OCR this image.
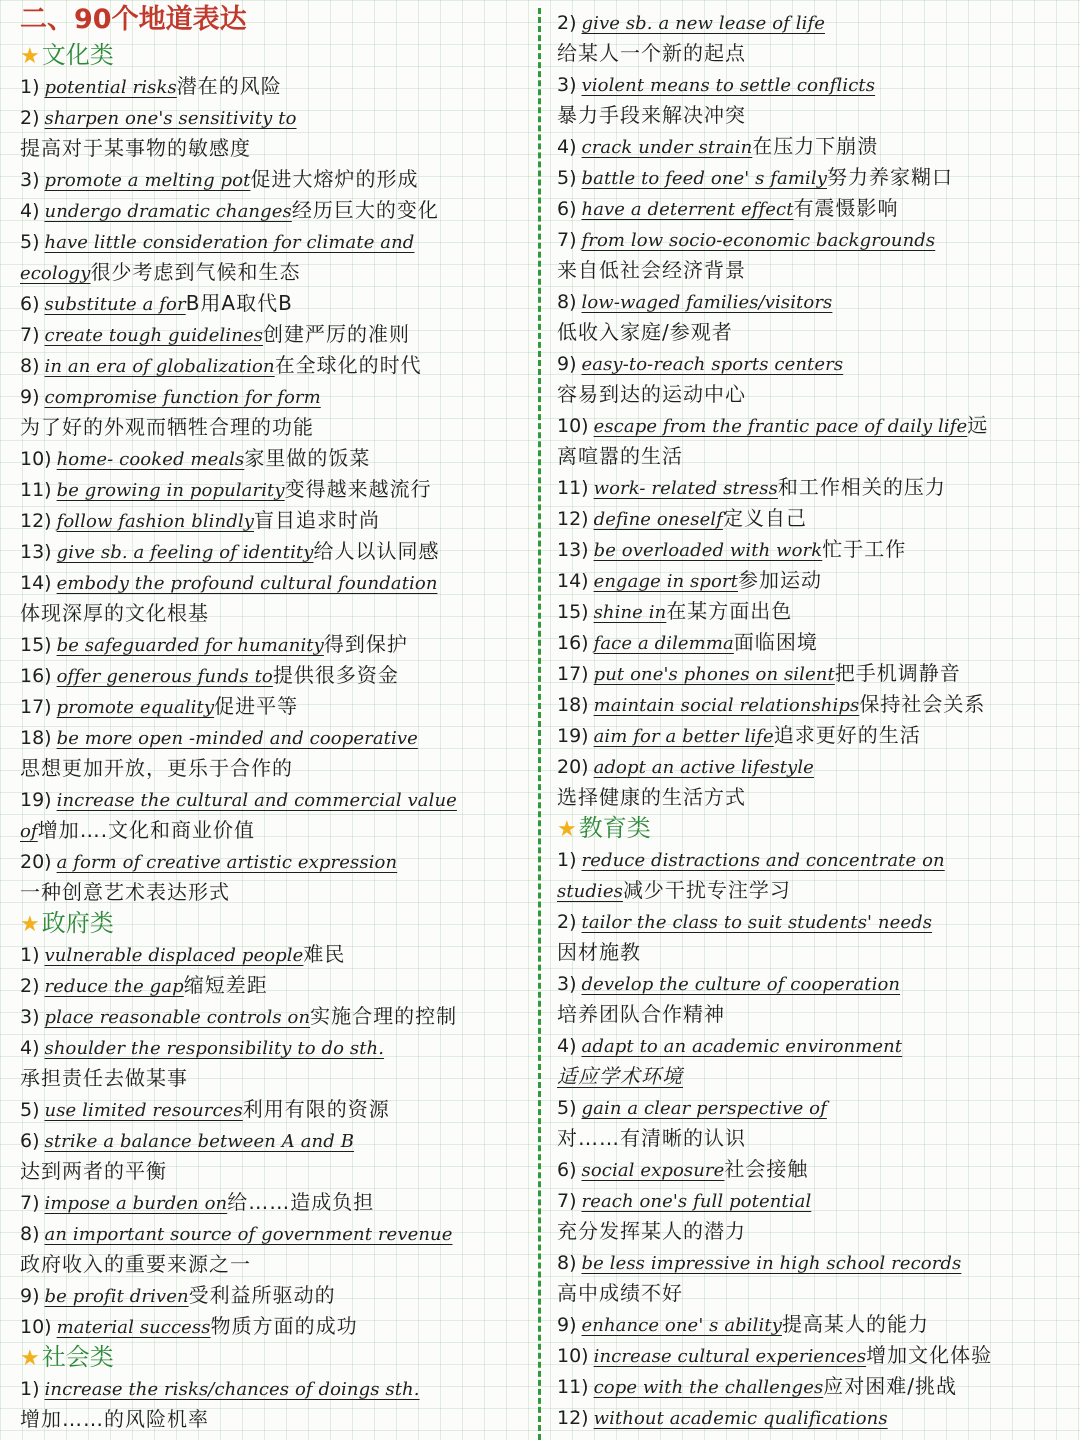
二、90个地道表达
★文化类
1) potential risks潜在的风险
2) sharpen one's sensitivity to
提高对于某事物的敏感度
3) promote a melting pot促进大熔炉的形成
4) undergo dramatic changes经历巨大的变化
5) have little consideration for climate and
ecology很少考虑到气候和生态
6) substitute a forB用A取代B
7) create tough guidelines创建严厉的准则
8) in an era of globalization在全球化的时代
9) compromise function for form
为了好的外观而牺牲合理的功能
10) home- cooked meals家里做的饭菜
11) be growing in popularity变得越来越流行
12) follow fashion blindly盲目追求时尚
13) give sb. a feeling of identity给人以认同感
14) embody the profound cultural foundation
体现深厚的文化根基
15) be safeguarded for humanity得到保护
16) offer generous funds to提供很多资金
17) promote equality促进平等
18) be more open -minded and cooperative
思想更加开放，更乐于合作的
19) increase the cultural and commercial value
of增加….文化和商业价值
20) a form of creative artistic expression
一种创意艺术表达形式
★政府类
1) vulnerable displaced people难民
2) reduce the gap缩短差距
3) place reasonable controls on实施合理的控制
4) shoulder the responsibility to do sth.
承担责任去做某事
5) use limited resources利用有限的资源
6) strike a balance between A and B
达到两者的平衡
7) impose a burden on给……造成负担
8) an important source of government revenue
政府收入的重要来源之一
9) be profit driven受利益所驱动的
10) material success物质方面的成功
★社会类
1) increase the risks/chances of doings sth.
增加……的风险机率
2) give sb. a new lease of life
给某人一个新的起点
3) violent means to settle conflicts
暴力手段来解决冲突
4) crack under strain在压力下崩溃
5) battle to feed one' s family努力养家糊口
6) have a deterrent effect有震慑影响
7) from low socio-economic backgrounds
来自低社会经济背景
8) low-waged families/visitors
低收入家庭/参观者
9) easy-to-reach sports centers
容易到达的运动中心
10) escape from the frantic pace of daily life远
离喧嚣的生活
11) work- related stress和工作相关的压力
12) define oneself定义自己
13) be overloaded with work忙于工作
14) engage in sport参加运动
15) shine in在某方面出色
16) face a dilemma面临困境
17) put one's phones on silent把手机调静音
18) maintain social relationships保持社会关系
19) aim for a better life追求更好的生活
20) adopt an active lifestyle
选择健康的生活方式
★教育类
1) reduce distractions and concentrate on
studies减少干扰专注学习
2) tailor the class to suit students' needs
因材施教
3) develop the culture of cooperation
培养团队合作精神
4) adapt to an academic environment
适应学术环境
5) gain a clear perspective of
对……有清晰的认识
6) social exposure社会接触
7) reach one's full potential
充分发挥某人的潜力
8) be less impressive in high school records
高中成绩不好
9) enhance one' s ability提高某人的能力
10) increase cultural experiences增加文化体验
11) cope with the challenges应对困难/挑战
12) without academic qualifications
